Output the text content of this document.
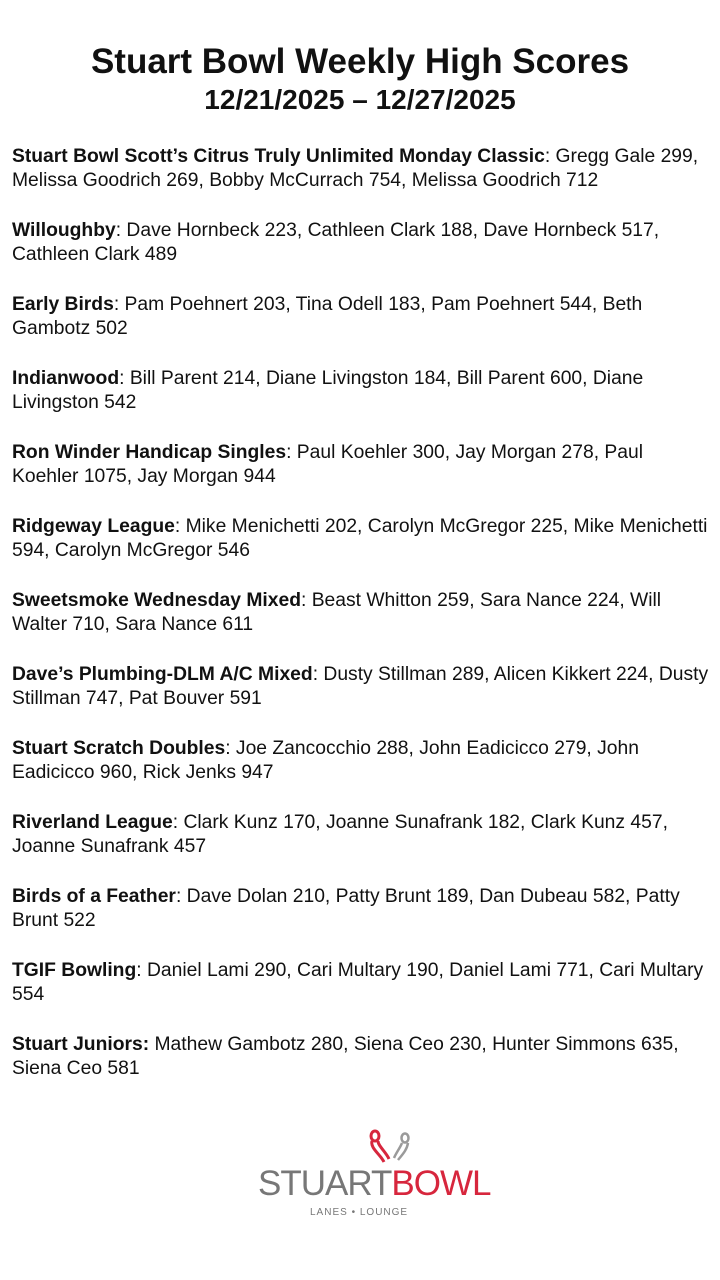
Stuart Bowl Weekly High Scores
12/21/2025 – 12/27/2025

Stuart Bowl Scott’s Citrus Truly Unlimited Monday Classic: Gregg Gale 299, Melissa Goodrich 269, Bobby McCurrach 754, Melissa Goodrich 712

Willoughby: Dave Hornbeck 223, Cathleen Clark 188, Dave Hornbeck 517, Cathleen Clark 489

Early Birds: Pam Poehnert 203, Tina Odell 183, Pam Poehnert 544, Beth Gambotz 502

Indianwood: Bill Parent 214, Diane Livingston 184, Bill Parent 600, Diane Livingston 542

Ron Winder Handicap Singles: Paul Koehler 300, Jay Morgan 278, Paul Koehler 1075, Jay Morgan 944

Ridgeway League: Mike Menichetti 202, Carolyn McGregor 225, Mike Menichetti 594, Carolyn McGregor 546

Sweetsmoke Wednesday Mixed: Beast Whitton 259, Sara Nance 224, Will Walter 710, Sara Nance 611

Dave’s Plumbing-DLM A/C Mixed: Dusty Stillman 289, Alicen Kikkert 224, Dusty Stillman 747, Pat Bouver 591

Stuart Scratch Doubles: Joe Zancocchio 288, John Eadicicco 279, John Eadicicco 960, Rick Jenks 947

Riverland League: Clark Kunz 170, Joanne Sunafrank 182, Clark Kunz 457, Joanne Sunafrank 457

Birds of a Feather: Dave Dolan 210, Patty Brunt 189, Dan Dubeau 582, Patty Brunt 522

TGIF Bowling: Daniel Lami 290, Cari Multary 190, Daniel Lami 771, Cari Multary 554

Stuart Juniors: Mathew Gambotz 280, Siena Ceo 230, Hunter Simmons 635, Siena Ceo 581

STUARTBOWL
LANES • LOUNGE
